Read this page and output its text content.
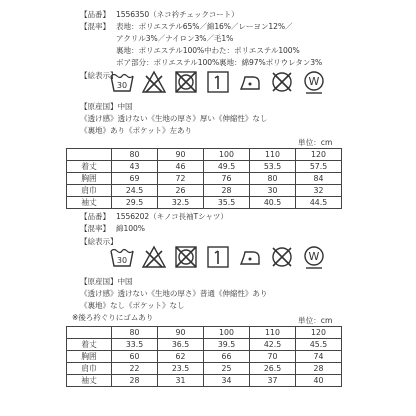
【品番】 1556350（ネコ衿チェックコート）
【混率】 表地：ポリエステル65%／綿16%／レーヨン12%／
アクリル3%／ナイロン3%／毛1%
裏地：ポリエステル100%中わた：ポリエステル100%
ボア部分：ポリエステル100%裏地：綿97%ポリウレタン3%
【絵表示】
30	W
【原産国】中国
《透け感》透けない《生地の厚さ》厚い《伸縮性》なし
《裏地》あり《ポケット》左あり
単位：cm
	80	90	100	110	120
着丈	43	46	49.5	53.5	57.5
胸囲	69	72	76	80	84
肩巾	24.5	26	28	30	32
袖丈	29.5	32.5	35.5	40.5	44.5
【品番】 1556202（キノコ長袖Tシャツ）
【混率】 綿100%
【絵表示】
30	W
【原産国】中国
《透け感》透けない《生地の厚さ》普通《伸縮性》あり
《裏地》なし《ポケット》なし
※後ろ衿ぐりにゴムあり	単位：cm
	80	90	100	110	120
着丈	33.5	36.5	39.5	42.5	45.5
胸囲	60	62	66	70	74
肩巾	22	23.5	25	26.5	28
袖丈	28	31	34	37	40
